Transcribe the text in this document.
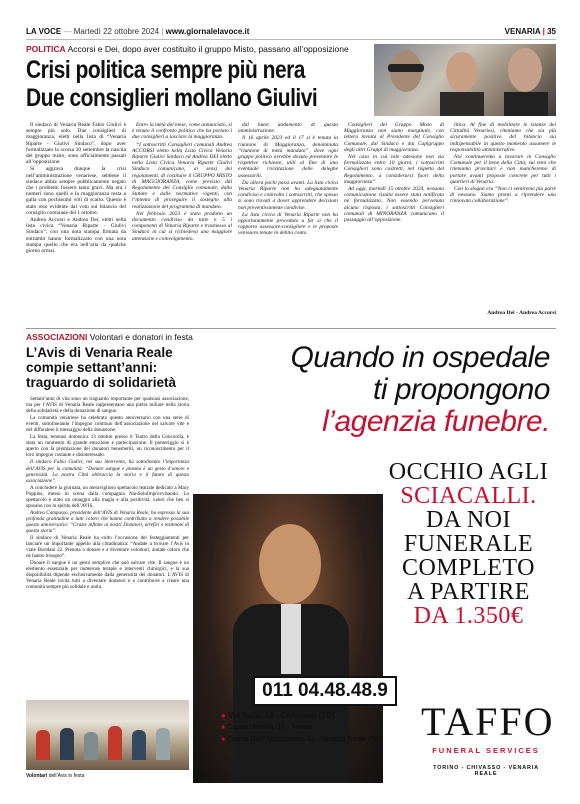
LA VOCE — Martedì 22 ottobre 2024 | www.giornalelavoce.it	VENARIA | 35
POLITICA Accorsi e Dei, dopo aver costituito il gruppo Misto, passano all’opposizione
Crisi politica sempre più nera
Due consiglieri mollano Giulivi

Il sindaco di Venaria Reale Fabio Giulivi è sempre più solo. Due consiglieri di maggioranza, eletti nella lista di “Venaria Riparte - Giulivi Sindaco”, dopo aver formalizzato la scorsa 30 settembre la nascita del gruppo misto, sono ufficialmente passati all’opposizione.

Si aggrava dunque la crisi nell’amministrazione venariese, sebbene il sindaco abbia sempre pubblicamente negato che i problemi fossero tanto gravi. Ma ora i numeri sono quelli e la maggioranza resta a galla con pochissimi voti di scarto. Questo è stato reso evidente dal voto sul bilancio del consiglio comunale del 1 ottobre.

Andrea Accorsi e Andrea Dei, eletti nella lista civica “Venaria Riparte - Giulivi Sindaco”, con una nota stampa firmata da entrambi hanno formalizzato con una nota stampa quello che era nell’aria da qualche giorno ormai.

Entro la metà del mese, come annunciato, si è tenuto il confronto politico che ha portato i due consiglieri a lasciare la maggioranza.

“I sottoscritti Consiglieri comunali Andrea ACCORSI eletto nella Lista Civica Venaria Riparte Giulivi Sindaco ed Andrea DEI eletto nella Lista Civica Venaria Riparte Giulivi Sindaco comunicano, ai sensi dei regolamenti, di costituire il GRUPPO MISTO di MAGGIORANZA, come previsto dal Regolamento del Consiglio comunale, dalla Statuto e dalle normative vigenti, con l’intento di proseguire il sostegno alla realizzazione del programma di mandato.

Nel febbraio 2023 è stato prodotto un documento condiviso da tutte e 5 i componenti di Venaria Riparte e trasmesso al Sindaco in cui si richiedeva una maggiore attenzione e coinvolgimento.

dal buon andamento di questa amministrazione.

Il 16 aprile 2023 ed il 17 si è tenuta la riunione di Maggioranza, denominata “riunione di metà mandato”, dove ogni gruppo politico avrebbe dovuto presentare le rispettive richieste, utili al fine di una eventuale rivisitazione delle deleghe assessorili.

Da allora pochi passi avanti. La lista civica Venaria Riparte non ha adeguatamente condiviso e coinvolto i sottoscritti, che spesso si sono trovati a dover apprendere decisioni non preventivamente condivise.

La lista civica di Venaria Riparte non ha opportunamente proceduto a far sì che il rapporto assessore-consigliere e le proposte venissero tenute in debito conto.

Consiglieri del Gruppo Misto di Maggioranza non siano marginale, con lettera inviata al Presidente del Consiglio Comunale, dal Sindaco e dai Capigruppo degli altri Gruppi di maggioranza.

Nel caso in cui tale adesione non sia formalizzata entro 10 giorni, i sottoscritti Consiglieri sono costretti, nel rispetto del Regolamento, a considerarsi fuori della maggioranza”.

Ad oggi, martedì 15 ottobre 2024, nessuna comunicazione risulta essere stata notificata né formalizzata. Non essendo pervenuta alcuna risposta, i sottoscritti Consiglieri comunali di MINORANZA comunicano il passaggio all’opposizione.

litica. Al fine di mobilitare le istanze dei Cittadini Venariesi, riteniamo che sia più sicuramente positivo del bilancio sia indispensabile in questo momento assumere le responsabilità amministrative.

Noi continueremo a lavorare in Consiglio Comunale per il bene della Città, sui temi che riteniamo prioritari e non mancheremo di portare avanti proposte concrete per tutti i quartieri di Venaria.

Con lo slogan era “Non ci sentiremo più parte di nessuno. Siamo pronti a riprendere una rinnovata collaborazione”.

Andrea Dei - Andrea Accorsi
ASSOCIAZIONI Volontari e donatori in festa
L’Avis di Venaria Reale
compie settant’anni:
traguardo di solidarietà

Settant’anni di vita sono un traguardo importante per qualsiasi associazione, ma per l’AVIS di Venaria Reale rappresentano una pietra miliare nella storia della solidarietà e della donazione di sangue.

La comunità venariese ha celebrato questo anniversario con una serie di eventi, sottolineando l’impegno continuo dell’associazione nel salvare vite e nel diffondere il messaggio della donazione.

La festa, tenutasi domenica 13 ottobre presso il Teatro della Concordia, è stata un momento di grande emozione e partecipazione. Il pomeriggio si è aperto con la premiazione dei donatori benemeriti, un riconoscimento per il loro impegno costante e disinteressato.

Il sindaco Fabio Giulivi, nel suo intervento, ha sottolineato l’importanza dell’AVIS per la comunità: “Donare sangue e plasma è un gesto d’amore e generosità. La nostra Città abbraccia la storia e il futuro di questa associazione”.

A concludere la giornata, un meraviglioso spettacolo teatrale dedicato a Mary Poppins, messo in scena dalla compagnia NonSoloImprovvisando. Lo spettacolo è stato un omaggio alla magia e alla positività, valori che ben si sposano con lo spirito dell’AVIS.

Andrea Campasso, presidente dell’AVIS di Venaria Reale, ha espresso la sua profonda gratitudine a tutti coloro che hanno contribuito a rendere possibile questo anniversario: “Grazie infinite ai nostri Donatori, artefici e testimoni di questa storia”.

Il sindaco di Venaria Reale ha colto l’occasione dei festeggiamenti per lanciare un importante appello alla cittadinanza: “Andate a trovare l’Avis in viale Buridani 22. Prenota o donare e a diventare volontari, aiutate coloro che ne hanno bisogno”.

Donare il sangue è un gesto semplice che può salvare vite. Il sangue è un elemento essenziale per numerose terapie e interventi chirurgici, e la sua disponibilità dipende esclusivamente dalla generosità dei donatori. L’AVIS di Venaria Reale invita tutti a diventare donatori e a contribuire a creare una comunità sempre più solidale e unita.

Volontari dell’Avis in festa
Quando in ospedale
ti propongono
l’agenzia funebre.
OCCHIO AGLI
SCIACALLI.
DA NOI
FUNERALE
COMPLETO
A PARTIRE
DA 1.350€
011 04.48.48.9
● Via Italia, 13 - Chivasso (TO)
● Corso Umbria, 14 - Torino
● Piazza Dell’Annunziata, 11 - Venaria Reale (TO) TAFFO
FUNERAL SERVICES
TORINO - CHIVASSO - VENARIA REALE
